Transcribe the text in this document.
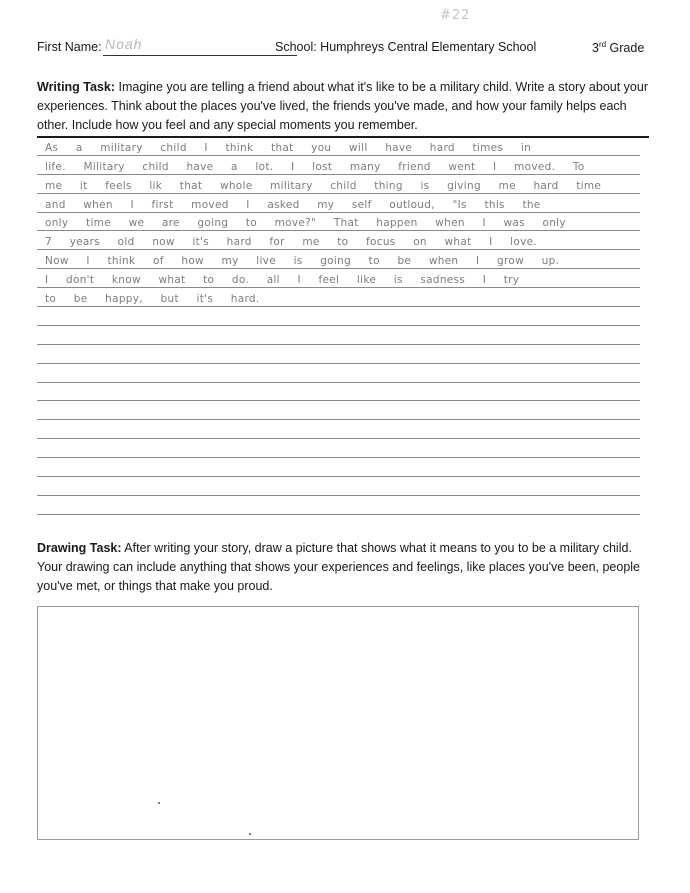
#22
First Name: Noah	School: Humphreys Central Elementary School	3rd Grade
Writing Task: Imagine you are telling a friend about what it's like to be a military child. Write a story about your experiences. Think about the places you've lived, the friends you've made, and how your family helps each other. Include how you feel and any special moments you remember.
As a military child I think that you will have hard times in
life. Military child have a lot. I lost many friend went I moved. To
me it feels lik that whole military child thing is giving me hard time
and when I first moved I asked my self outloud, "Is this the
only time we are going to move?" That happen when I was only
7 years old now it's hard for me to focus on what I love.
Now I think of how my live is going to be when I grow up.
I don't know what to do. all I feel like is sadness I try
to be happy, but it's hard.
Drawing Task: After writing your story, draw a picture that shows what it means to you to be a military child. Your drawing can include anything that shows your experiences and feelings, like places you've been, people you've met, or things that make you proud.
